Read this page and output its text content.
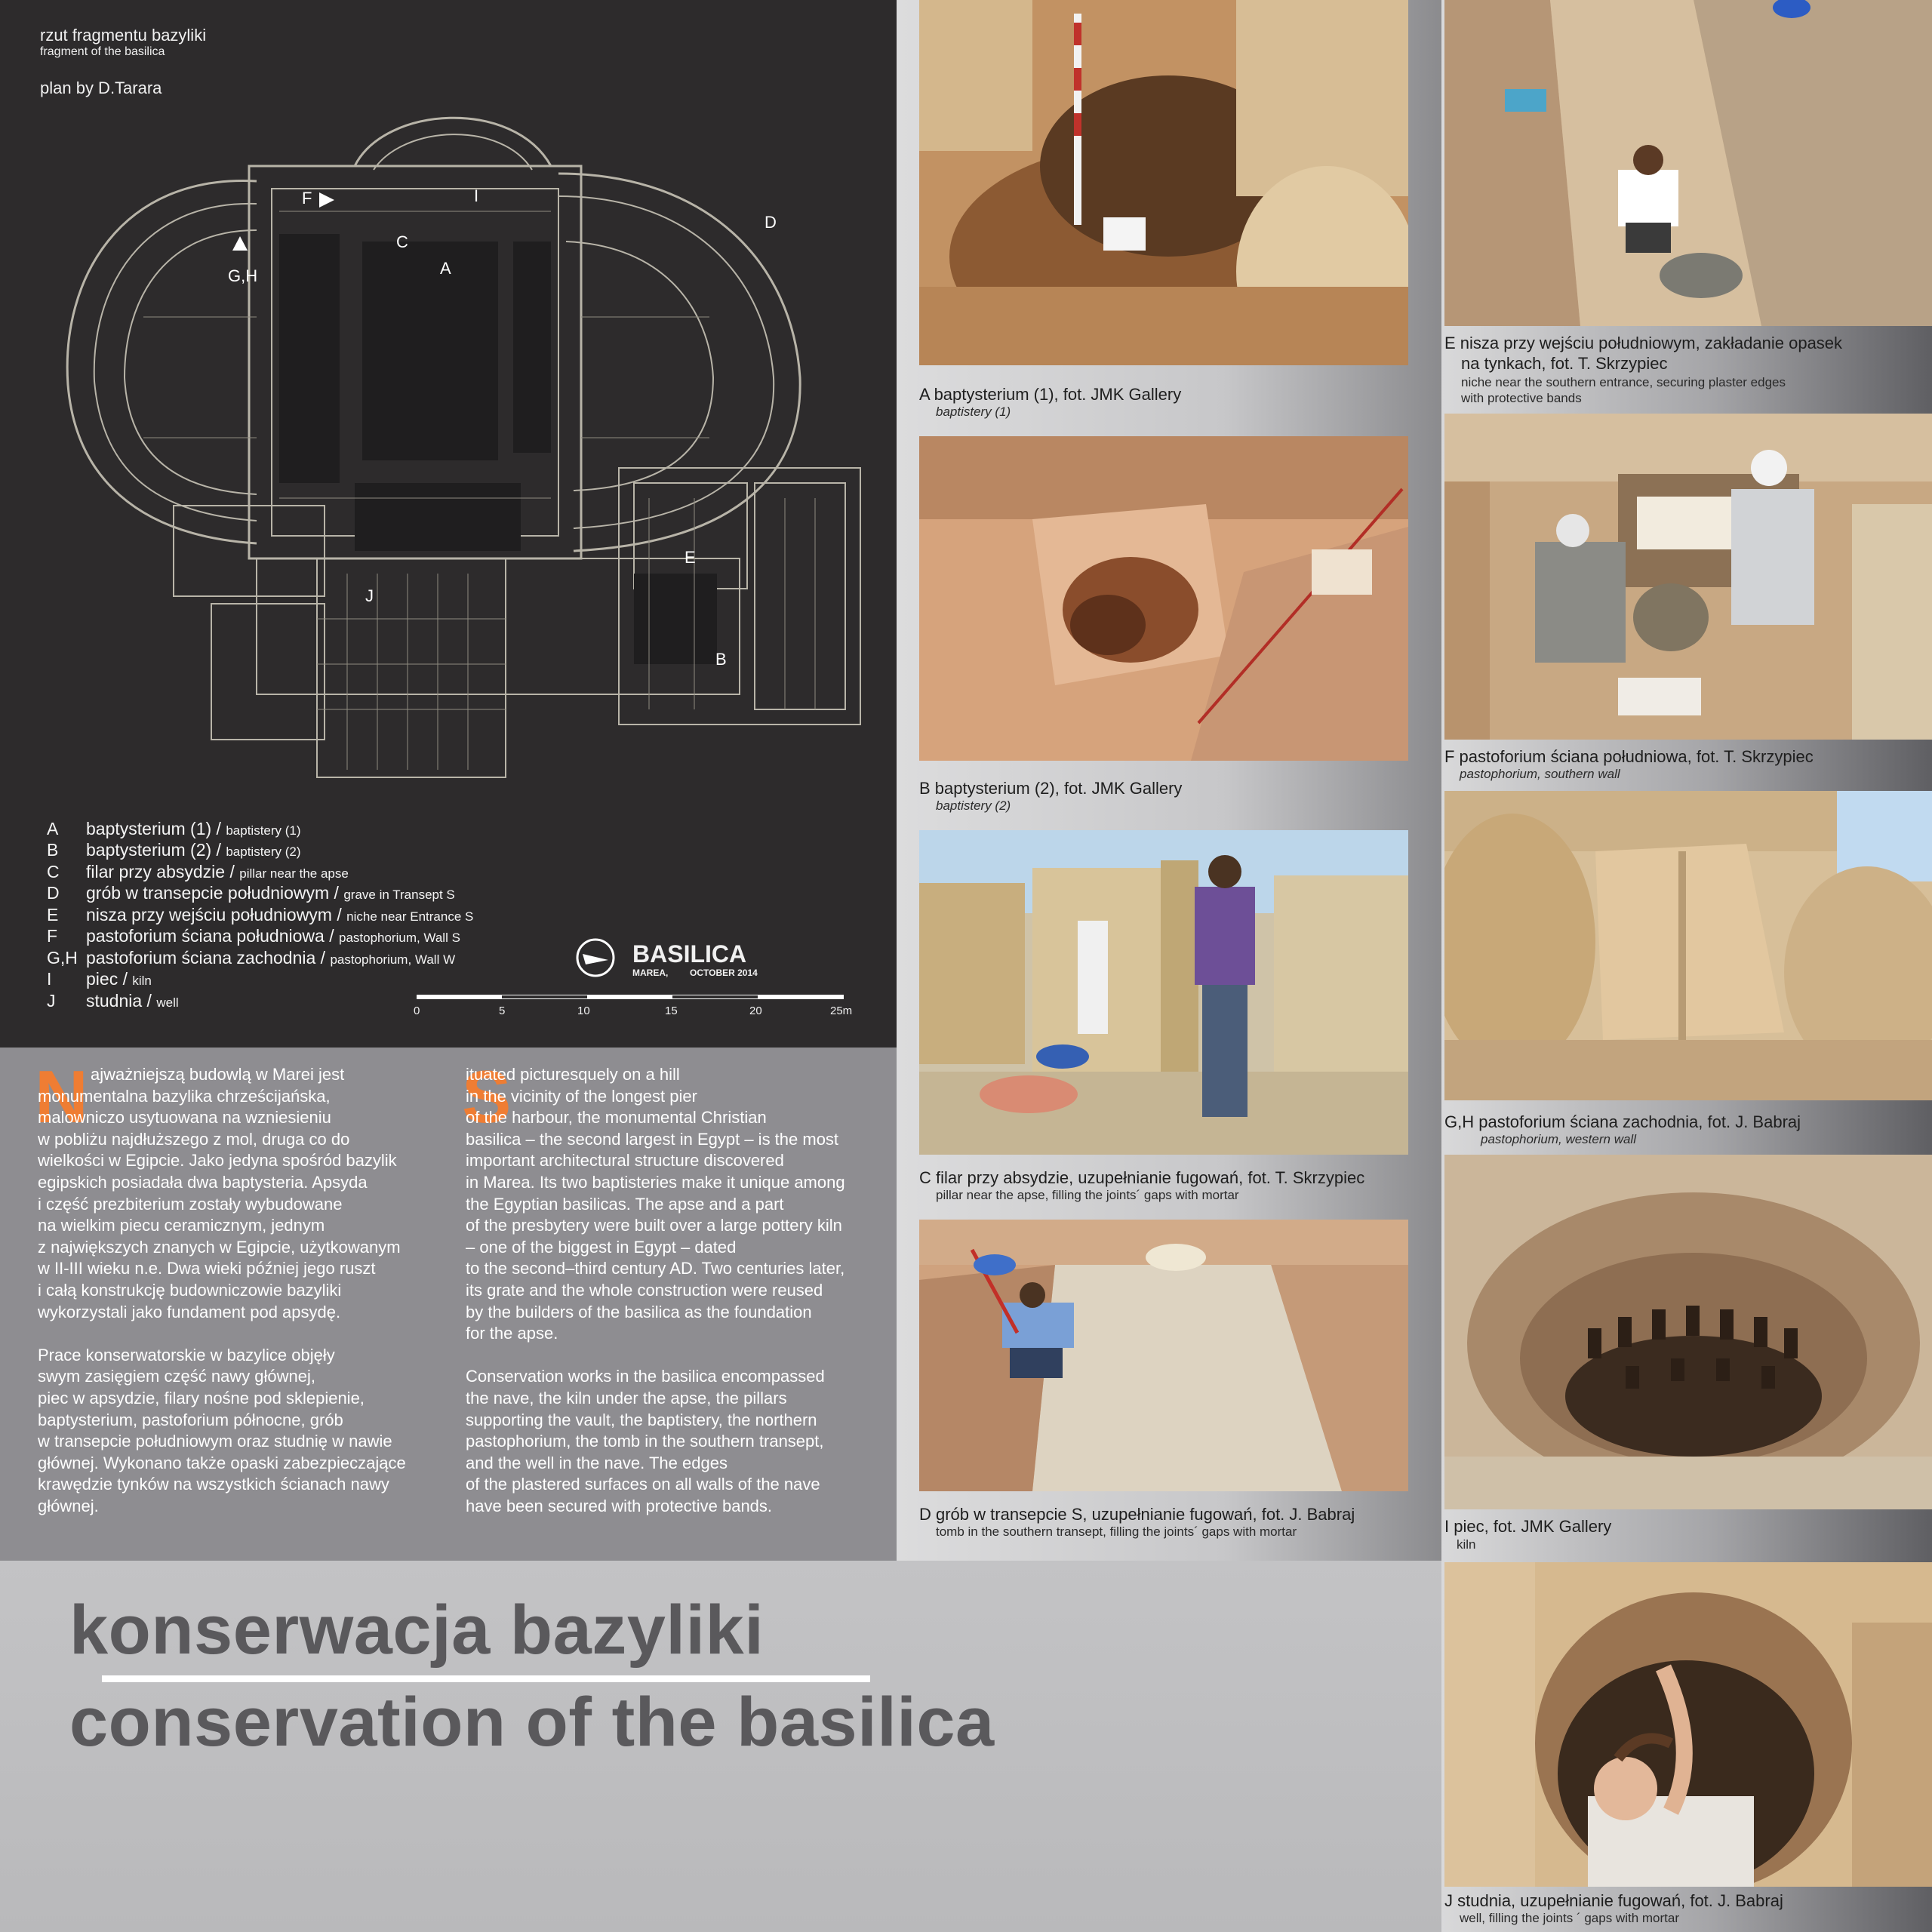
rzut fragmentu bazyliki
fragment of the basilica
plan by D.Tarara
F	I
C
A
D
G,H
E
J
B
A baptysterium (1) / baptistery (1)
B baptysterium (2) / baptistery (2)
C filar przy absydzie / pillar near the apse
D grób w transepcie południowym / grave in Transept S
E nisza przy wejściu południowym / niche near Entrance S
F pastoforium ściana południowa / pastophorium, Wall S
G,H pastoforium ściana zachodnia / pastophorium, Wall W
I piec / kiln
J studnia / well
BASILICA
MAREA, OCTOBER 2014
0	5	10	15	20	25m
N ajważniejszą budowlą w Marei jest
monumentalna bazylika chrześcijańska,
malowniczo usytuowana na wzniesieniu
w pobliżu najdłuższego z mol, druga co do
wielkości w Egipcie. Jako jedyna spośród bazylik
egipskich posiadała dwa baptysteria. Apsyda
i część prezbiterium zostały wybudowane
na wielkim piecu ceramicznym, jednym
z największych znanych w Egipcie, użytkowanym
w II-III wieku n.e. Dwa wieki później jego ruszt
i całą konstrukcję budowniczowie bazyliki
wykorzystali jako fundament pod apsydę.

Prace konserwatorskie w bazylice objęły
swym zasięgiem część nawy głównej,
piec w apsydzie, filary nośne pod sklepienie,
baptysterium, pastoforium północne, grób
w transepcie południowym oraz studnię w nawie
głównej. Wykonano także opaski zabezpieczające
krawędzie tynków na wszystkich ścianach nawy
głównej.
S
ituated picturesquely on a hill
in the vicinity of the longest pier
of the harbour, the monumental Christian
basilica – the second largest in Egypt – is the most
important architectural structure discovered
in Marea. Its two baptisteries make it unique among
the Egyptian basilicas. The apse and a part
of the presbytery were built over a large pottery kiln
– one of the biggest in Egypt – dated
to the second–third century AD. Two centuries later,
its grate and the whole construction were reused
by the builders of the basilica as the foundation
for the apse.

Conservation works in the basilica encompassed
the nave, the kiln under the apse, the pillars
supporting the vault, the baptistery, the northern
pastophorium, the tomb in the southern transept,
and the well in the nave. The edges
of the plastered surfaces on all walls of the nave
have been secured with protective bands.
konserwacja bazyliki
conservation of the basilica
A baptysterium (1), fot. JMK Gallery
baptistery (1)
B baptysterium (2), fot. JMK Gallery
baptistery (2)
C filar przy absydzie, uzupełnianie fugowań, fot. T. Skrzypiec
pillar near the apse, filling the joints´ gaps with mortar
D grób w transepcie S, uzupełnianie fugowań, fot. J. Babraj
tomb in the southern transept, filling the joints´ gaps with mortar
E nisza przy wejściu południowym, zakładanie opasek
na tynkach, fot. T. Skrzypiec
niche near the southern entrance, securing plaster edges
with protective bands
F pastoforium ściana południowa, fot. T. Skrzypiec
pastophorium, southern wall
G,H pastoforium ściana zachodnia, fot. J. Babraj
pastophorium, western wall
I piec, fot. JMK Gallery
kiln
J studnia, uzupełnianie fugowań, fot. J. Babraj
well, filling the joints ´ gaps with mortar
